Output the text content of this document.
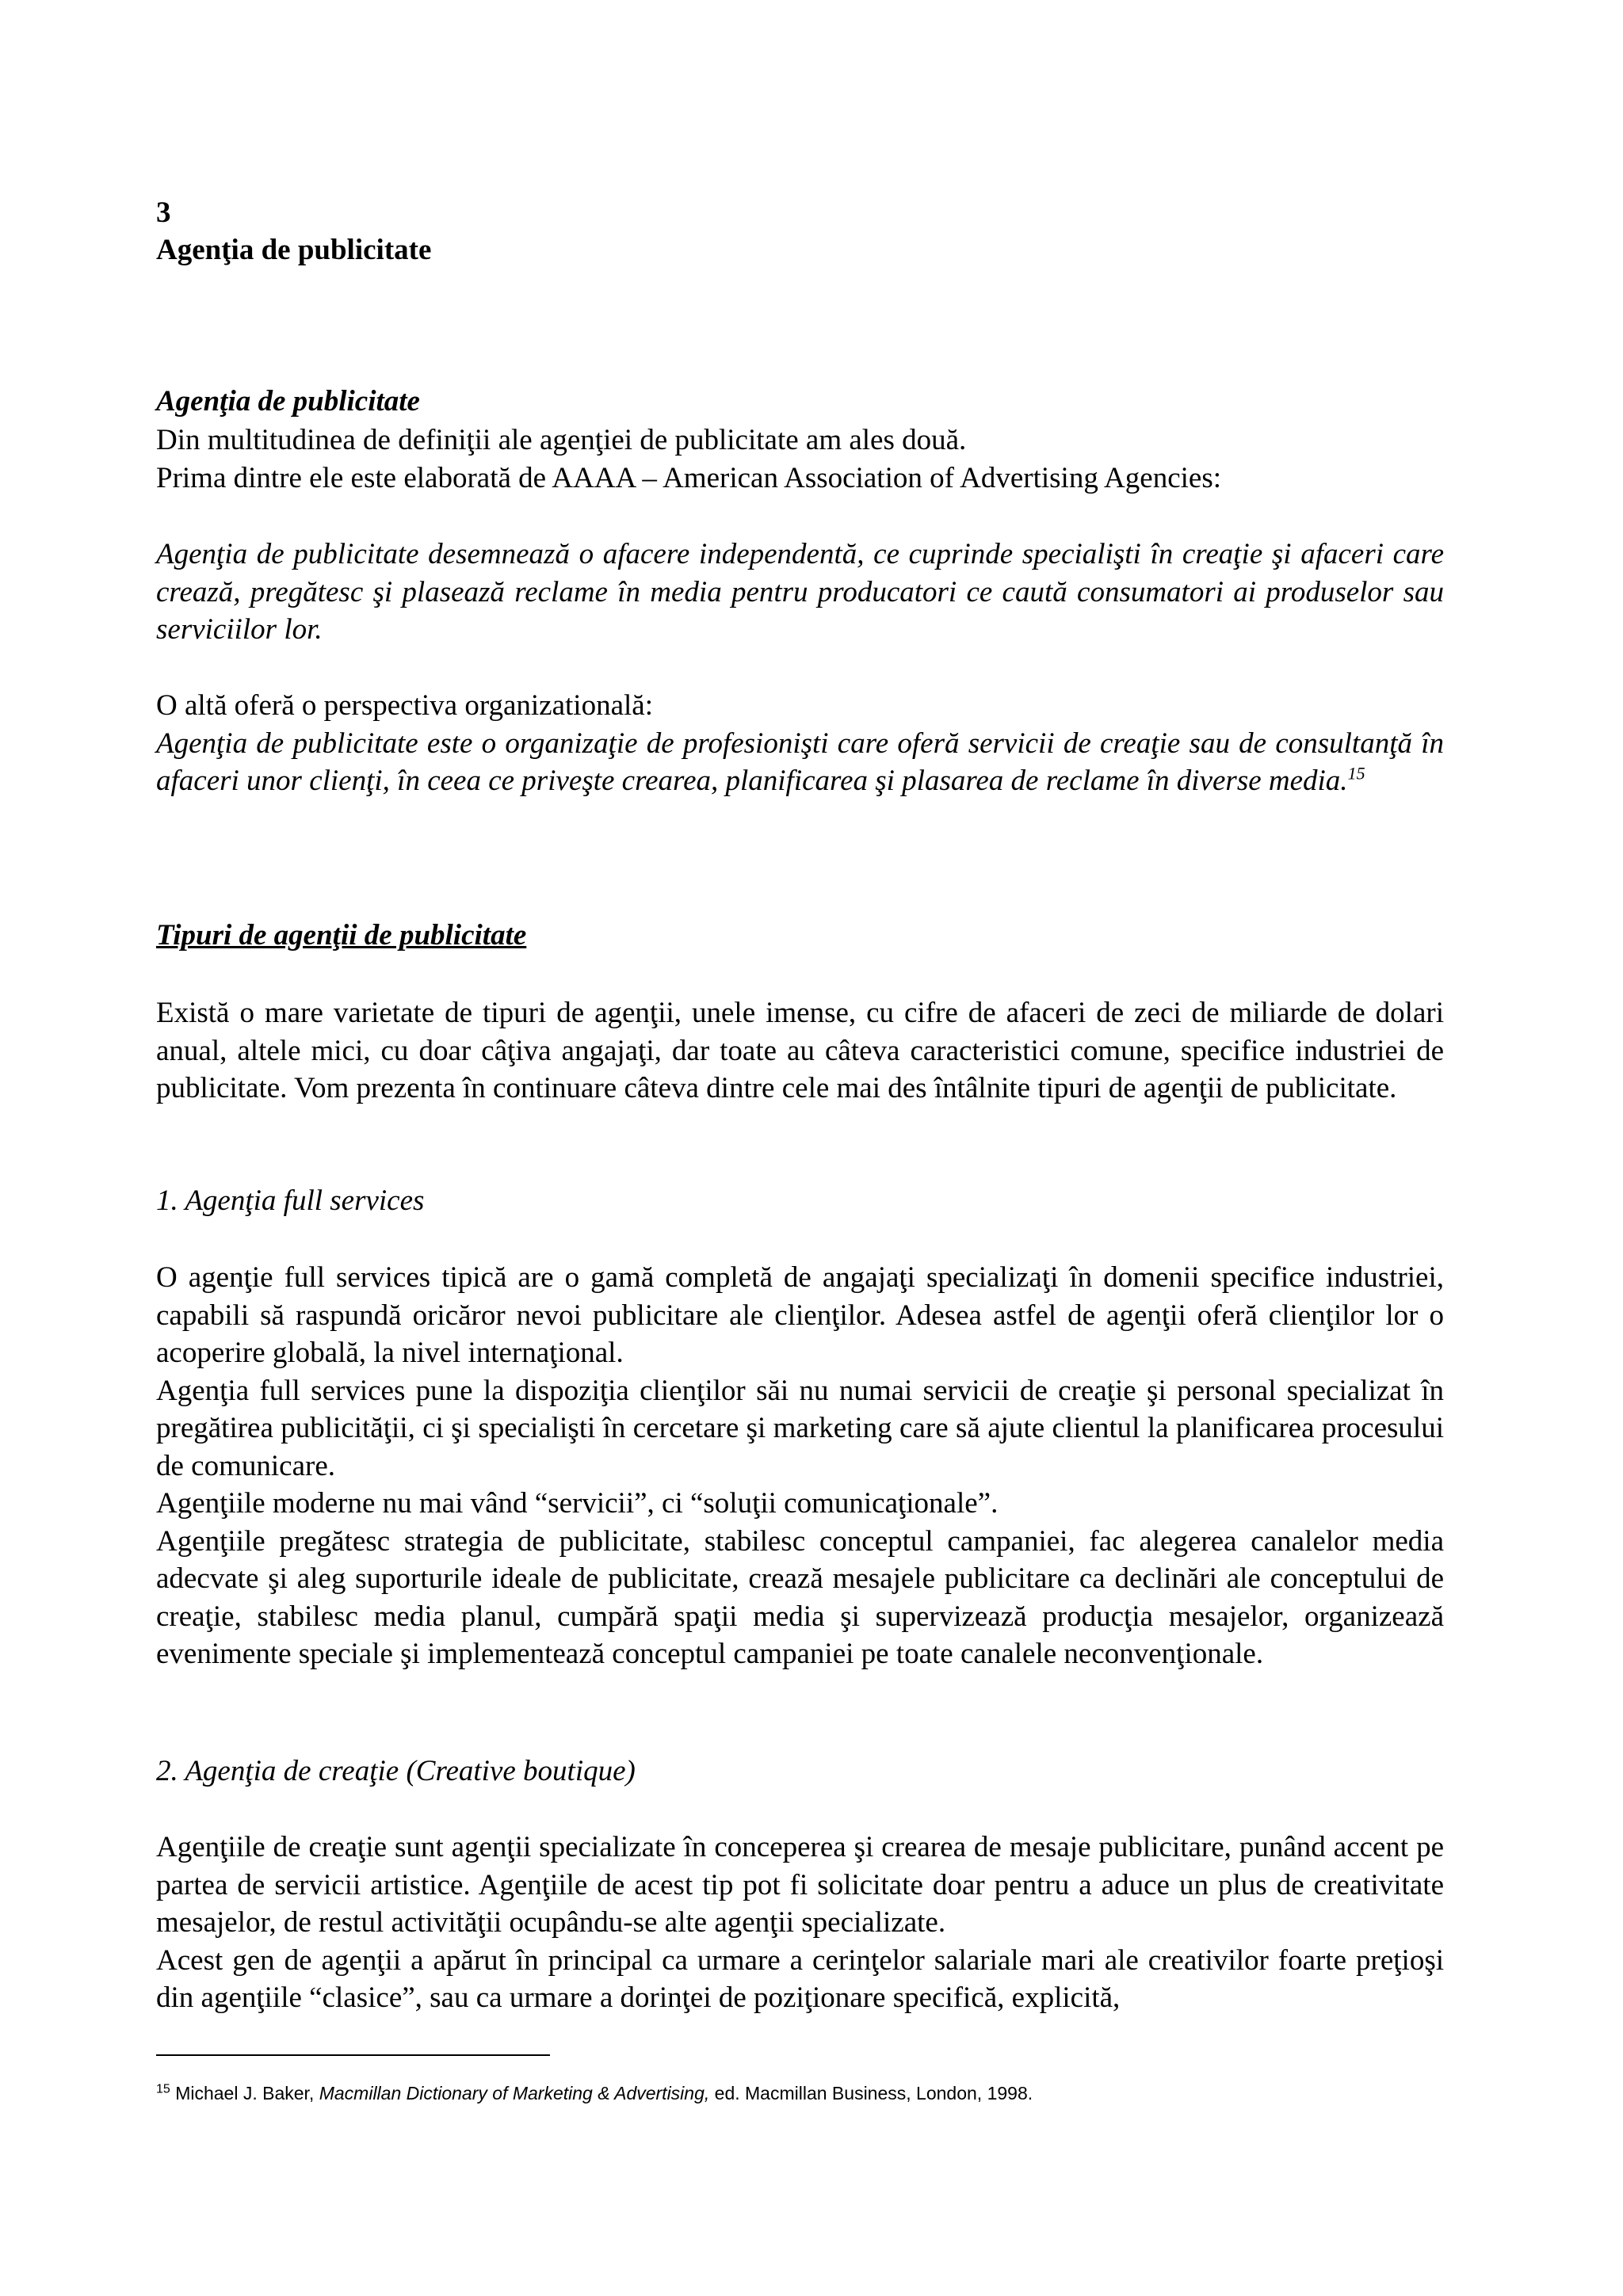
3
Agenţia de publicitate
Agenţia de publicitate
Din multitudinea de definiţii ale agenţiei de publicitate am ales două.
Prima dintre ele este elaborată de AAAA – American Association of Advertising Agencies:

Agenţia de publicitate desemnează o afacere independentă, ce cuprinde specialişti în creaţie şi afaceri care crează, pregătesc şi plasează reclame în media pentru producatori ce caută consumatori ai produselor sau serviciilor lor.

O altă oferă o perspectiva organizatională:
Agenţia de publicitate este o organizaţie de profesionişti care oferă servicii de creaţie sau de consultanţă în afaceri unor clienţi, în ceea ce priveşte crearea, planificarea şi plasarea de reclame în diverse media.$^{15}$
Tipuri de agenţii de publicitate

Există o mare varietate de tipuri de agenţii, unele imense, cu cifre de afaceri de zeci de miliarde de dolari anual, altele mici, cu doar câţiva angajaţi, dar toate au câteva caracteristici comune, specifice industriei de publicitate. Vom prezenta în continuare câteva dintre cele mai des întâlnite tipuri de agenţii de publicitate.

1. Agenţia full services
O agenţie full services tipică are o gamă completă de angajaţi specializaţi în domenii specifice industriei, capabili să raspundă oricăror nevoi publicitare ale clienţilor. Adesea astfel de agenţii oferă clienţilor lor o acoperire globală, la nivel internaţional.
Agenţia full services pune la dispoziţia clienţilor săi nu numai servicii de creaţie şi personal specializat în pregătirea publicităţii, ci şi specialişti în cercetare şi marketing care să ajute clientul la planificarea procesului de comunicare.
Agenţiile moderne nu mai vând “servicii”, ci “soluţii comunicaţionale”.
Agenţiile pregătesc strategia de publicitate, stabilesc conceptul campaniei, fac alegerea canalelor media adecvate şi aleg suporturile ideale de publicitate, crează mesajele publicitare ca declinări ale conceptului de creaţie, stabilesc media planul, cumpără spaţii media şi supervizează producţia mesajelor, organizează evenimente speciale şi implementează conceptul campaniei pe toate canalele neconvenţionale.
2. Agenţia de creaţie (Creative boutique)
Agenţiile de creaţie sunt agenţii specializate în conceperea şi crearea de mesaje publicitare, punând accent pe partea de servicii artistice. Agenţiile de acest tip pot fi solicitate doar pentru a aduce un plus de creativitate mesajelor, de restul activităţii ocupându-se alte agenţii specializate.
Acest gen de agenţii a apărut în principal ca urmare a cerinţelor salariale mari ale creativilor foarte preţioşi din agenţiile “clasice”, sau ca urmare a dorinţei de poziţionare specifică, explicită,
$^{15}$ Michael J. Baker, Macmillan Dictionary of Marketing & Advertising, ed. Macmillan Business, London, 1998.
